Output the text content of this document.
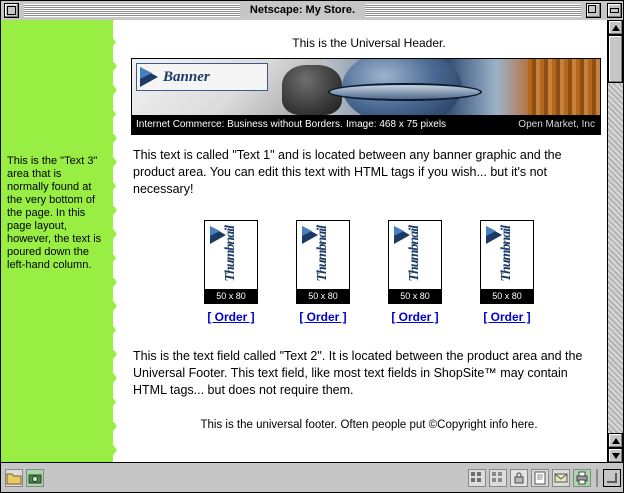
Netscape: My Store.
This is the "Text 3" area that is normally found at the very bottom of the page. In this page layout, however, the text is poured down the left-hand column.
This is the Universal Header.
Banner
Internet Commerce: Business without Borders. Image: 468 x 75 pixels	Open Market, Inc
This text is called "Text 1" and is located between any banner graphic and the product area. You can edit this text with HTML tags if you wish... but it's not necessary!
Thumbnail
50 x 80
[ Order ]
Thumbnail
50 x 80
[ Order ]
Thumbnail
50 x 80
[ Order ]
Thumbnail
50 x 80
[ Order ]
This is the text field called "Text 2". It is located between the product area and the Universal Footer. This text field, like most text fields in ShopSite™ may contain HTML tags... but does not require them.
This is the universal footer. Often people put ©Copyright info here.
